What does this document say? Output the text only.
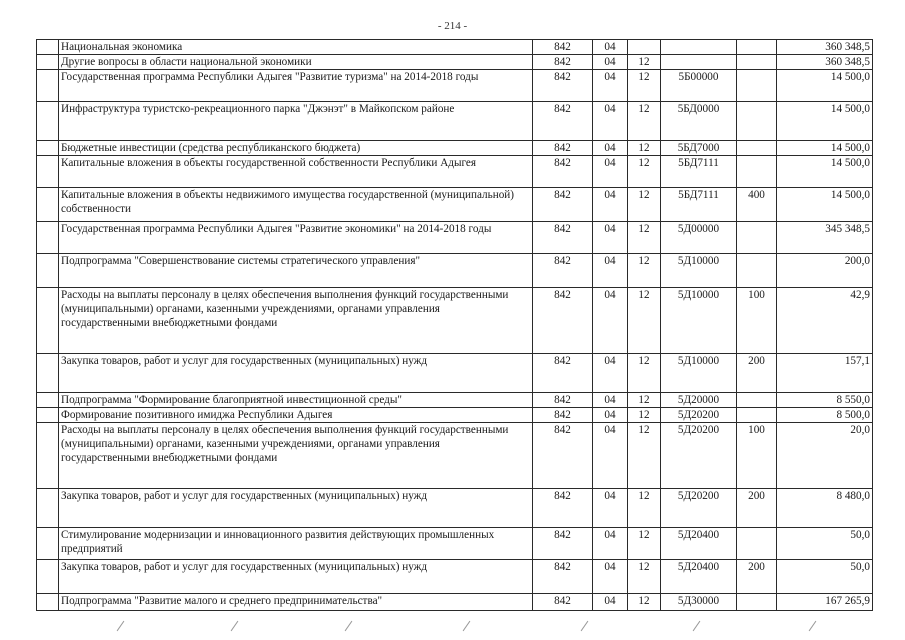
- 214 -
	Национальная экономика	842	04				360 348,5
	Другие вопросы в области национальной экономики	842	04	12			360 348,5
	Государственная программа Республики Адыгея "Развитие туризма" на 2014-2018 годы	842	04	12	5Б00000		14 500,0
	Инфраструктура туристско-рекреационного парка "Джэнэт" в Майкопском районе	842	04	12	5БД0000		14 500,0
	Бюджетные инвестиции (средства республиканского бюджета)	842	04	12	5БД7000		14 500,0
	Капитальные вложения в объекты государственной собственности Республики Адыгея	842	04	12	5БД7111		14 500,0
	Капитальные вложения в объекты недвижимого имущества государственной (муниципальной) собственности	842	04	12	5БД7111	400	14 500,0
	Государственная программа Республики Адыгея "Развитие экономики" на 2014-2018 годы	842	04	12	5Д00000		345 348,5
	Подпрограмма "Совершенствование системы стратегического управления"	842	04	12	5Д10000		200,0
	Расходы на выплаты персоналу в целях обеспечения выполнения функций государственными (муниципальными) органами, казенными учреждениями, органами управления государственными внебюджетными фондами	842	04	12	5Д10000	100	42,9
	Закупка товаров, работ и услуг для государственных (муниципальных) нужд	842	04	12	5Д10000	200	157,1
	Подпрограмма "Формирование благоприятной инвестиционной среды"	842	04	12	5Д20000		8 550,0
	Формирование позитивного имиджа Республики Адыгея	842	04	12	5Д20200		8 500,0
	Расходы на выплаты персоналу в целях обеспечения выполнения функций государственными (муниципальными) органами, казенными учреждениями, органами управления государственными внебюджетными фондами	842	04	12	5Д20200	100	20,0
	Закупка товаров, работ и услуг для государственных (муниципальных) нужд	842	04	12	5Д20200	200	8 480,0
	Стимулирование модернизации и инновационного развития действующих промышленных предприятий	842	04	12	5Д20400		50,0
	Закупка товаров, работ и услуг для государственных (муниципальных) нужд	842	04	12	5Д20400	200	50,0
	Подпрограмма "Развитие малого и среднего предпринимательства"	842	04	12	5Д30000		167 265,9
